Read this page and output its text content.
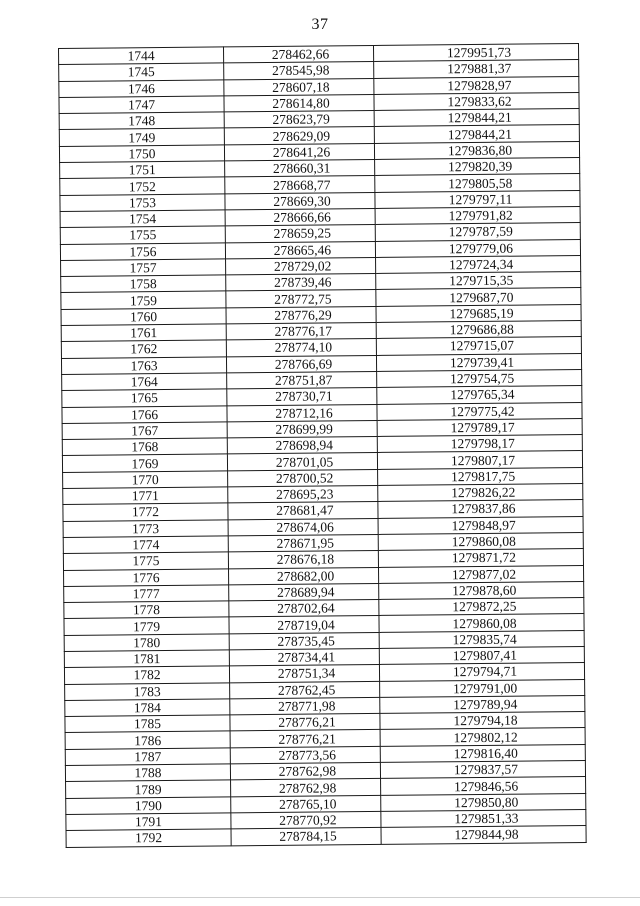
37
1744	278462,66	1279951,73
1745	278545,98	1279881,37
1746	278607,18	1279828,97
1747	278614,80	1279833,62
1748	278623,79	1279844,21
1749	278629,09	1279844,21
1750	278641,26	1279836,80
1751	278660,31	1279820,39
1752	278668,77	1279805,58
1753	278669,30	1279797,11
1754	278666,66	1279791,82
1755	278659,25	1279787,59
1756	278665,46	1279779,06
1757	278729,02	1279724,34
1758	278739,46	1279715,35
1759	278772,75	1279687,70
1760	278776,29	1279685,19
1761	278776,17	1279686,88
1762	278774,10	1279715,07
1763	278766,69	1279739,41
1764	278751,87	1279754,75
1765	278730,71	1279765,34
1766	278712,16	1279775,42
1767	278699,99	1279789,17
1768	278698,94	1279798,17
1769	278701,05	1279807,17
1770	278700,52	1279817,75
1771	278695,23	1279826,22
1772	278681,47	1279837,86
1773	278674,06	1279848,97
1774	278671,95	1279860,08
1775	278676,18	1279871,72
1776	278682,00	1279877,02
1777	278689,94	1279878,60
1778	278702,64	1279872,25
1779	278719,04	1279860,08
1780	278735,45	1279835,74
1781	278734,41	1279807,41
1782	278751,34	1279794,71
1783	278762,45	1279791,00
1784	278771,98	1279789,94
1785	278776,21	1279794,18
1786	278776,21	1279802,12
1787	278773,56	1279816,40
1788	278762,98	1279837,57
1789	278762,98	1279846,56
1790	278765,10	1279850,80
1791	278770,92	1279851,33
1792	278784,15	1279844,98
